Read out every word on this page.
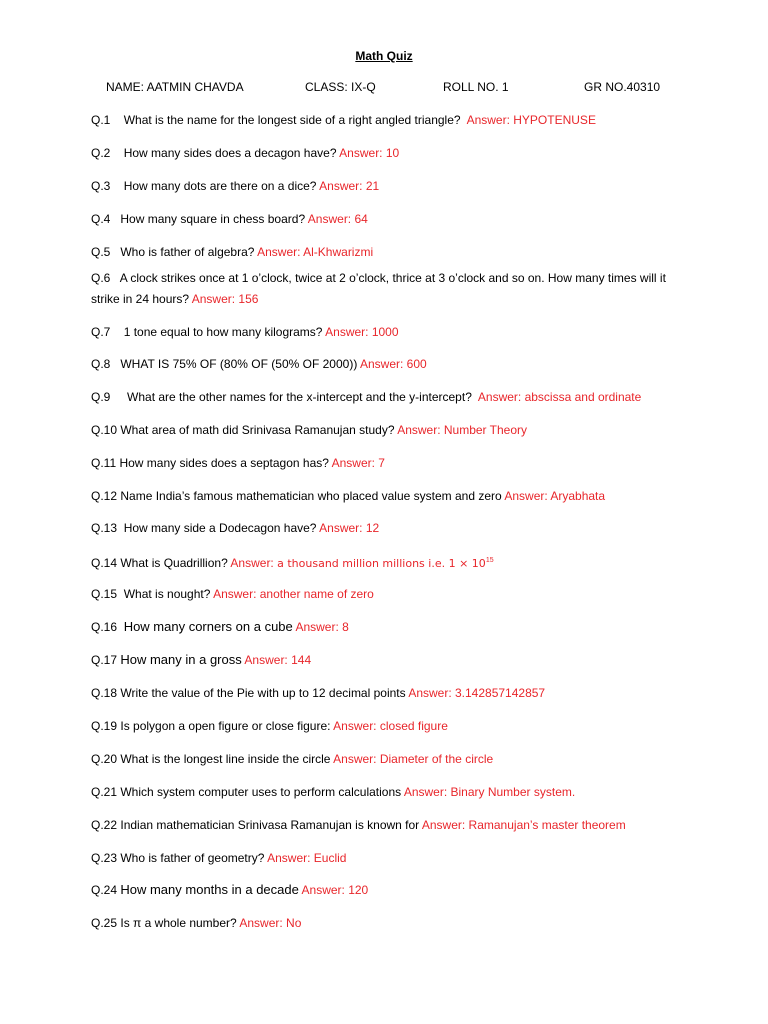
Math Quiz
NAME: AATMIN CHAVDA	CLASS: IX-Q	ROLL NO. 1	GR NO.40310
Q.1 What is the name for the longest side of a right angled triangle? Answer: HYPOTENUSE
Q.2 How many sides does a decagon have? Answer: 10
Q.3 How many dots are there on a dice? Answer: 21
Q.4 How many square in chess board? Answer: 64
Q.5 Who is father of algebra? Answer: Al-Khwarizmi
Q.6 A clock strikes once at 1 o’clock, twice at 2 o’clock, thrice at 3 o’clock and so on. How many times will it strike in 24 hours? Answer: 156
Q.7 1 tone equal to how many kilograms? Answer: 1000
Q.8 WHAT IS 75% OF (80% OF (50% OF 2000)) Answer: 600
Q.9 What are the other names for the x-intercept and the y-intercept? Answer: abscissa and ordinate
Q.10 What area of math did Srinivasa Ramanujan study? Answer: Number Theory
Q.11 How many sides does a septagon has? Answer: 7
Q.12 Name India’s famous mathematician who placed value system and zero Answer: Aryabhata
Q.13 How many side a Dodecagon have? Answer: 12
Q.14 What is Quadrillion? Answer: a thousand million millions i.e. $1 \times 10^{15}$
Q.15 What is nought? Answer: another name of zero
Q.16 How many corners on a cube Answer: 8
Q.17 How many in a gross Answer: 144
Q.18 Write the value of the Pie with up to 12 decimal points Answer: 3.142857142857
Q.19 Is polygon a open figure or close figure: Answer: closed figure
Q.20 What is the longest line inside the circle Answer: Diameter of the circle
Q.21 Which system computer uses to perform calculations Answer: Binary Number system.
Q.22 Indian mathematician Srinivasa Ramanujan is known for Answer: Ramanujan’s master theorem
Q.23 Who is father of geometry? Answer: Euclid
Q.24 How many months in a decade Answer: 120
Q.25 Is π a whole number? Answer: No
